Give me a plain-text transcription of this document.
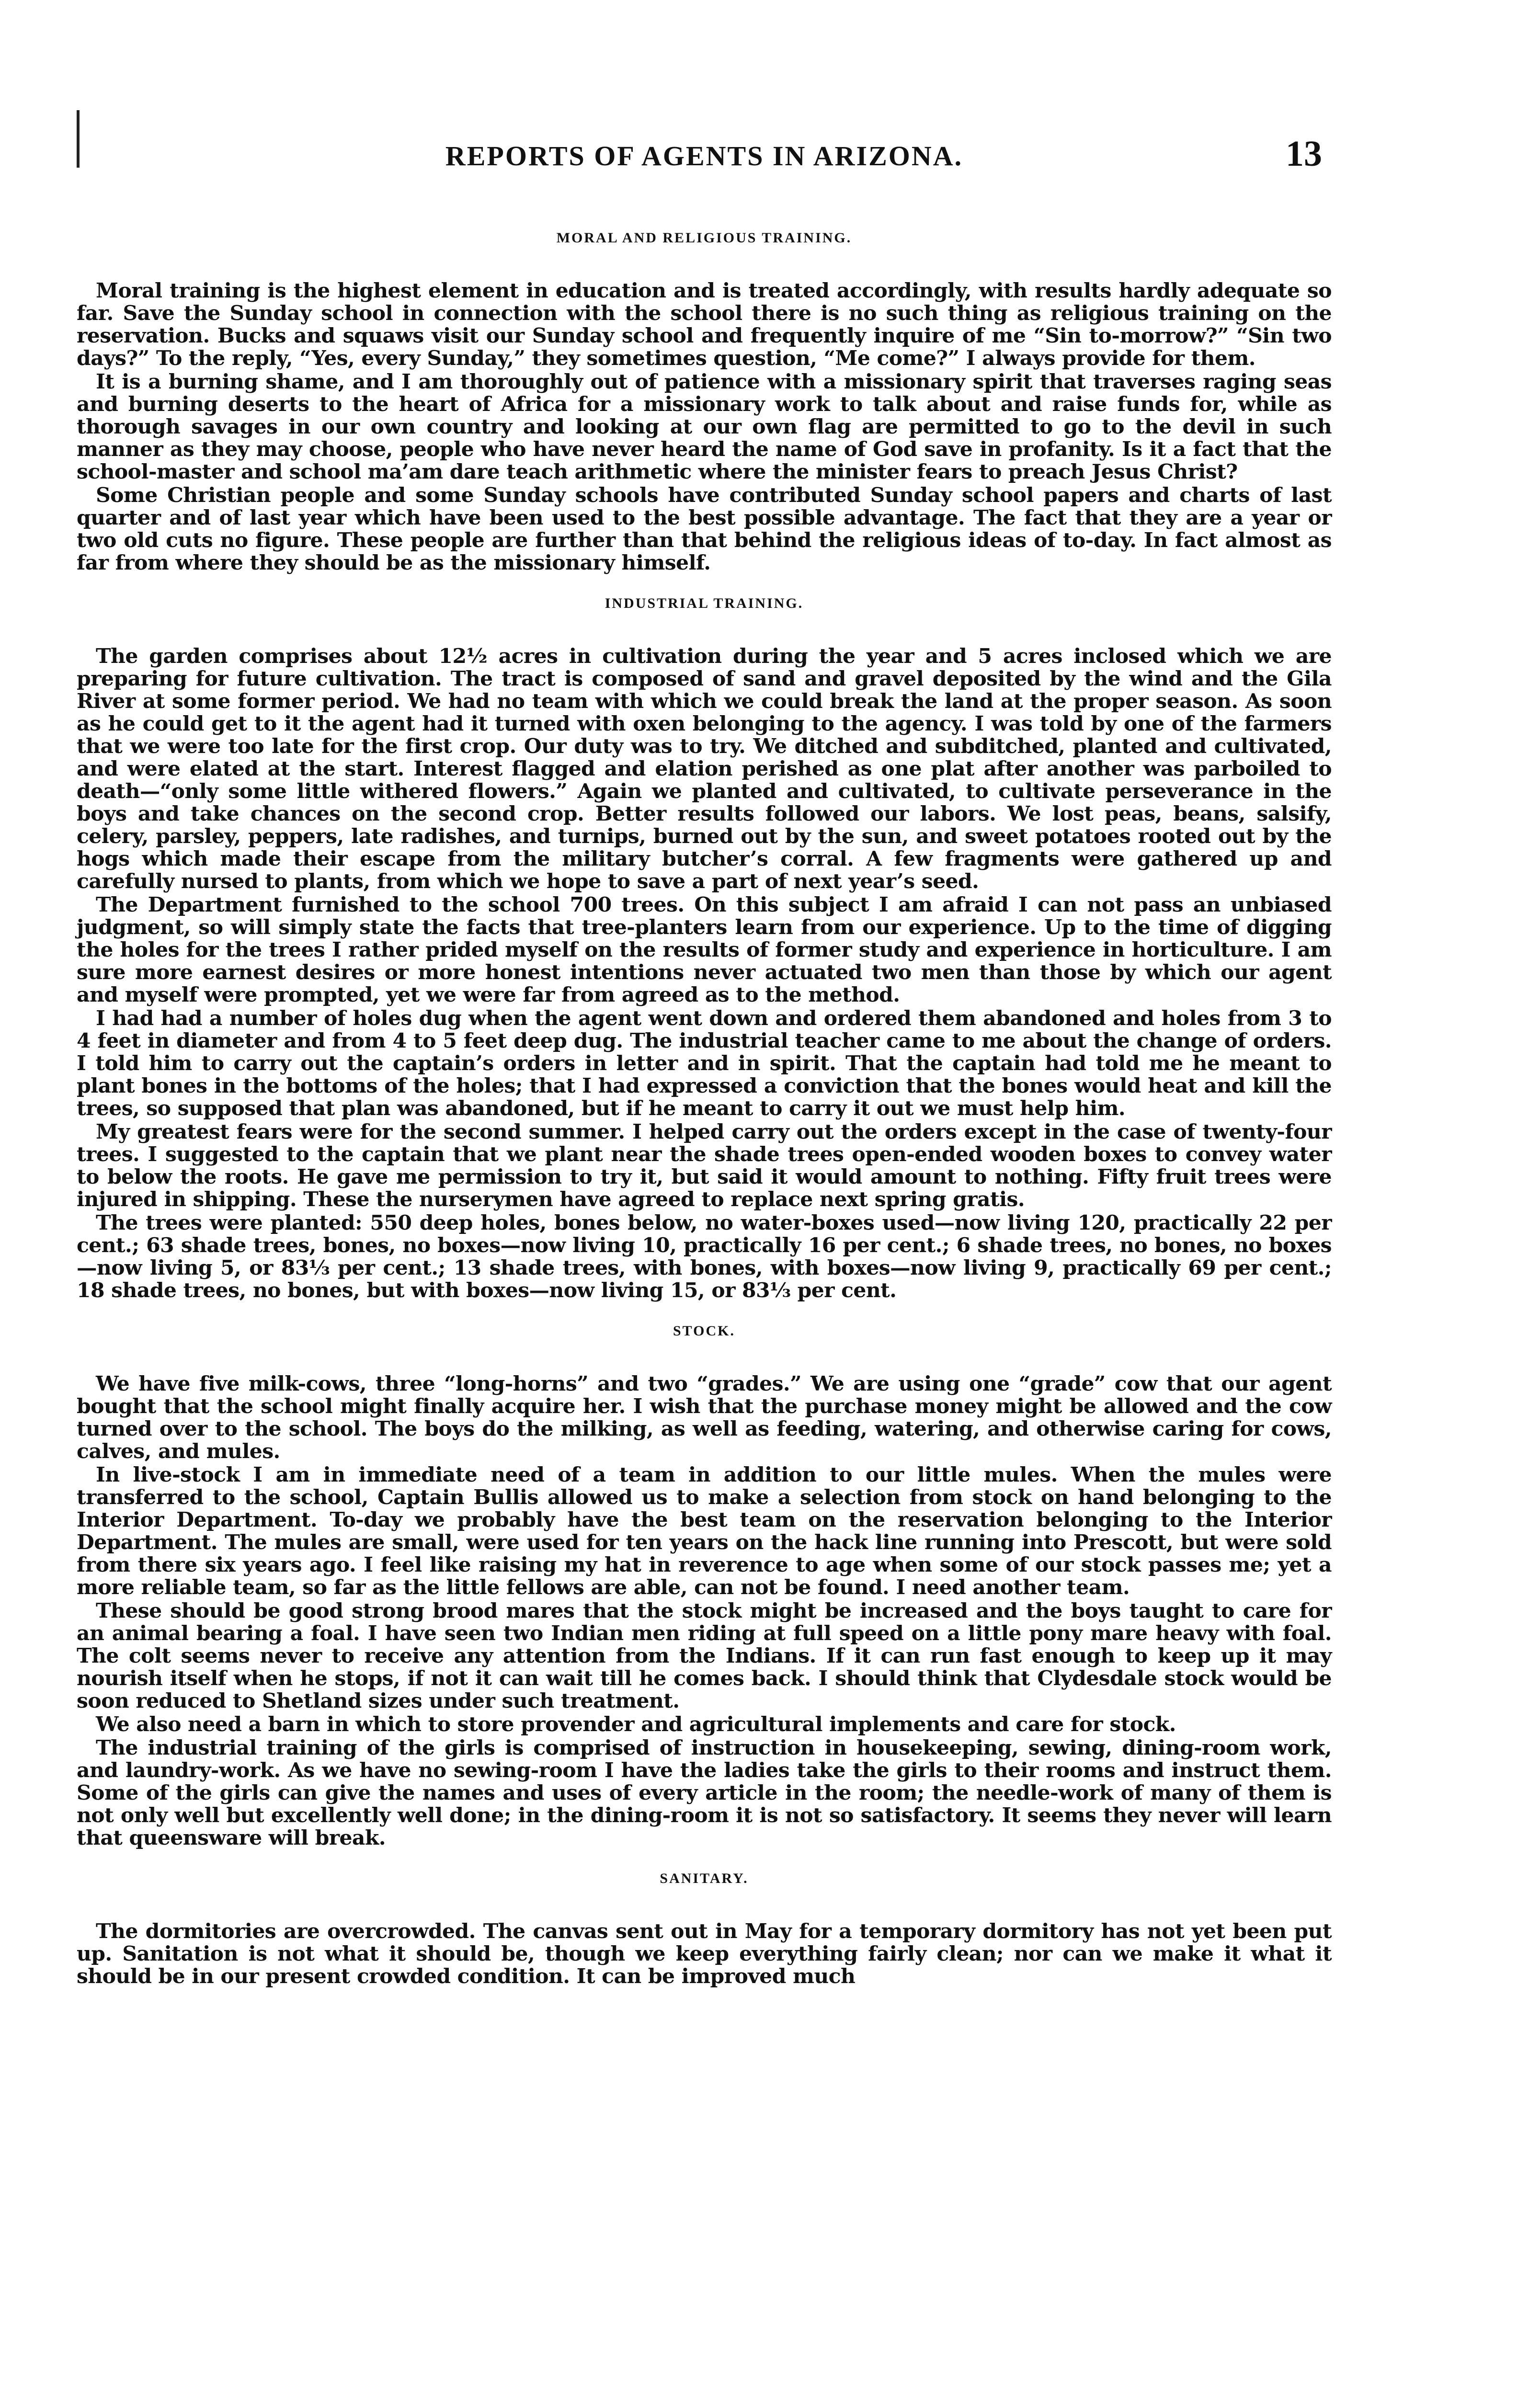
REPORTS OF AGENTS IN ARIZONA.	13
MORAL AND RELIGIOUS TRAINING.

Moral training is the highest element in education and is treated accordingly, with results hardly adequate so far. Save the Sunday school in connection with the school there is no such thing as religious training on the reservation. Bucks and squaws visit our Sunday school and frequently inquire of me “Sin to-morrow?” “Sin two days?” To the reply, “Yes, every Sunday,” they sometimes question, “Me come?” I always provide for them.

It is a burning shame, and I am thoroughly out of patience with a missionary spirit that traverses raging seas and burning deserts to the heart of Africa for a missionary work to talk about and raise funds for, while as thorough savages in our own country and looking at our own flag are permitted to go to the devil in such manner as they may choose, people who have never heard the name of God save in profanity. Is it a fact that the school-master and school ma’am dare teach arithmetic where the minister fears to preach Jesus Christ?

Some Christian people and some Sunday schools have contributed Sunday school papers and charts of last quarter and of last year which have been used to the best possible advantage. The fact that they are a year or two old cuts no figure. These people are further than that behind the religious ideas of to-day. In fact almost as far from where they should be as the missionary himself.

INDUSTRIAL TRAINING.

The garden comprises about 12½ acres in cultivation during the year and 5 acres inclosed which we are preparing for future cultivation. The tract is composed of sand and gravel deposited by the wind and the Gila River at some former period. We had no team with which we could break the land at the proper season. As soon as he could get to it the agent had it turned with oxen belonging to the agency. I was told by one of the farmers that we were too late for the first crop. Our duty was to try. We ditched and subditched, planted and cultivated, and were elated at the start. Interest flagged and elation perished as one plat after another was parboiled to death—“only some little withered flowers.” Again we planted and cultivated, to cultivate perseverance in the boys and take chances on the second crop. Better results followed our labors. We lost peas, beans, salsify, celery, parsley, peppers, late radishes, and turnips, burned out by the sun, and sweet potatoes rooted out by the hogs which made their escape from the military butcher’s corral. A few fragments were gathered up and carefully nursed to plants, from which we hope to save a part of next year’s seed.

The Department furnished to the school 700 trees. On this subject I am afraid I can not pass an unbiased judgment, so will simply state the facts that tree-planters learn from our experience. Up to the time of digging the holes for the trees I rather prided myself on the results of former study and experience in horticulture. I am sure more earnest desires or more honest intentions never actuated two men than those by which our agent and myself were prompted, yet we were far from agreed as to the method.

I had had a number of holes dug when the agent went down and ordered them abandoned and holes from 3 to 4 feet in diameter and from 4 to 5 feet deep dug. The industrial teacher came to me about the change of orders. I told him to carry out the captain’s orders in letter and in spirit. That the captain had told me he meant to plant bones in the bottoms of the holes; that I had expressed a conviction that the bones would heat and kill the trees, so supposed that plan was abandoned, but if he meant to carry it out we must help him.

My greatest fears were for the second summer. I helped carry out the orders except in the case of twenty-four trees. I suggested to the captain that we plant near the shade trees open-ended wooden boxes to convey water to below the roots. He gave me permission to try it, but said it would amount to nothing. Fifty fruit trees were injured in shipping. These the nurserymen have agreed to replace next spring gratis.

The trees were planted: 550 deep holes, bones below, no water-boxes used—now living 120, practically 22 per cent.; 63 shade trees, bones, no boxes—now living 10, practically 16 per cent.; 6 shade trees, no bones, no boxes—now living 5, or 83⅓ per cent.; 13 shade trees, with bones, with boxes—now living 9, practically 69 per cent.; 18 shade trees, no bones, but with boxes—now living 15, or 83⅓ per cent.

STOCK.

We have five milk-cows, three “long-horns” and two “grades.” We are using one “grade” cow that our agent bought that the school might finally acquire her. I wish that the purchase money might be allowed and the cow turned over to the school. The boys do the milking, as well as feeding, watering, and otherwise caring for cows, calves, and mules.

In live-stock I am in immediate need of a team in addition to our little mules. When the mules were transferred to the school, Captain Bullis allowed us to make a selection from stock on hand belonging to the Interior Department. To-day we probably have the best team on the reservation belonging to the Interior Department. The mules are small, were used for ten years on the hack line running into Prescott, but were sold from there six years ago. I feel like raising my hat in reverence to age when some of our stock passes me; yet a more reliable team, so far as the little fellows are able, can not be found. I need another team.

These should be good strong brood mares that the stock might be increased and the boys taught to care for an animal bearing a foal. I have seen two Indian men riding at full speed on a little pony mare heavy with foal. The colt seems never to receive any attention from the Indians. If it can run fast enough to keep up it may nourish itself when he stops, if not it can wait till he comes back. I should think that Clydesdale stock would be soon reduced to Shetland sizes under such treatment.

We also need a barn in which to store provender and agricultural implements and care for stock.

The industrial training of the girls is comprised of instruction in housekeeping, sewing, dining-room work, and laundry-work. As we have no sewing-room I have the ladies take the girls to their rooms and instruct them. Some of the girls can give the names and uses of every article in the room; the needle-work of many of them is not only well but excellently well done; in the dining-room it is not so satisfactory. It seems they never will learn that queensware will break.

SANITARY.

The dormitories are overcrowded. The canvas sent out in May for a temporary dormitory has not yet been put up. Sanitation is not what it should be, though we keep everything fairly clean; nor can we make it what it should be in our present crowded condition. It can be improved much
